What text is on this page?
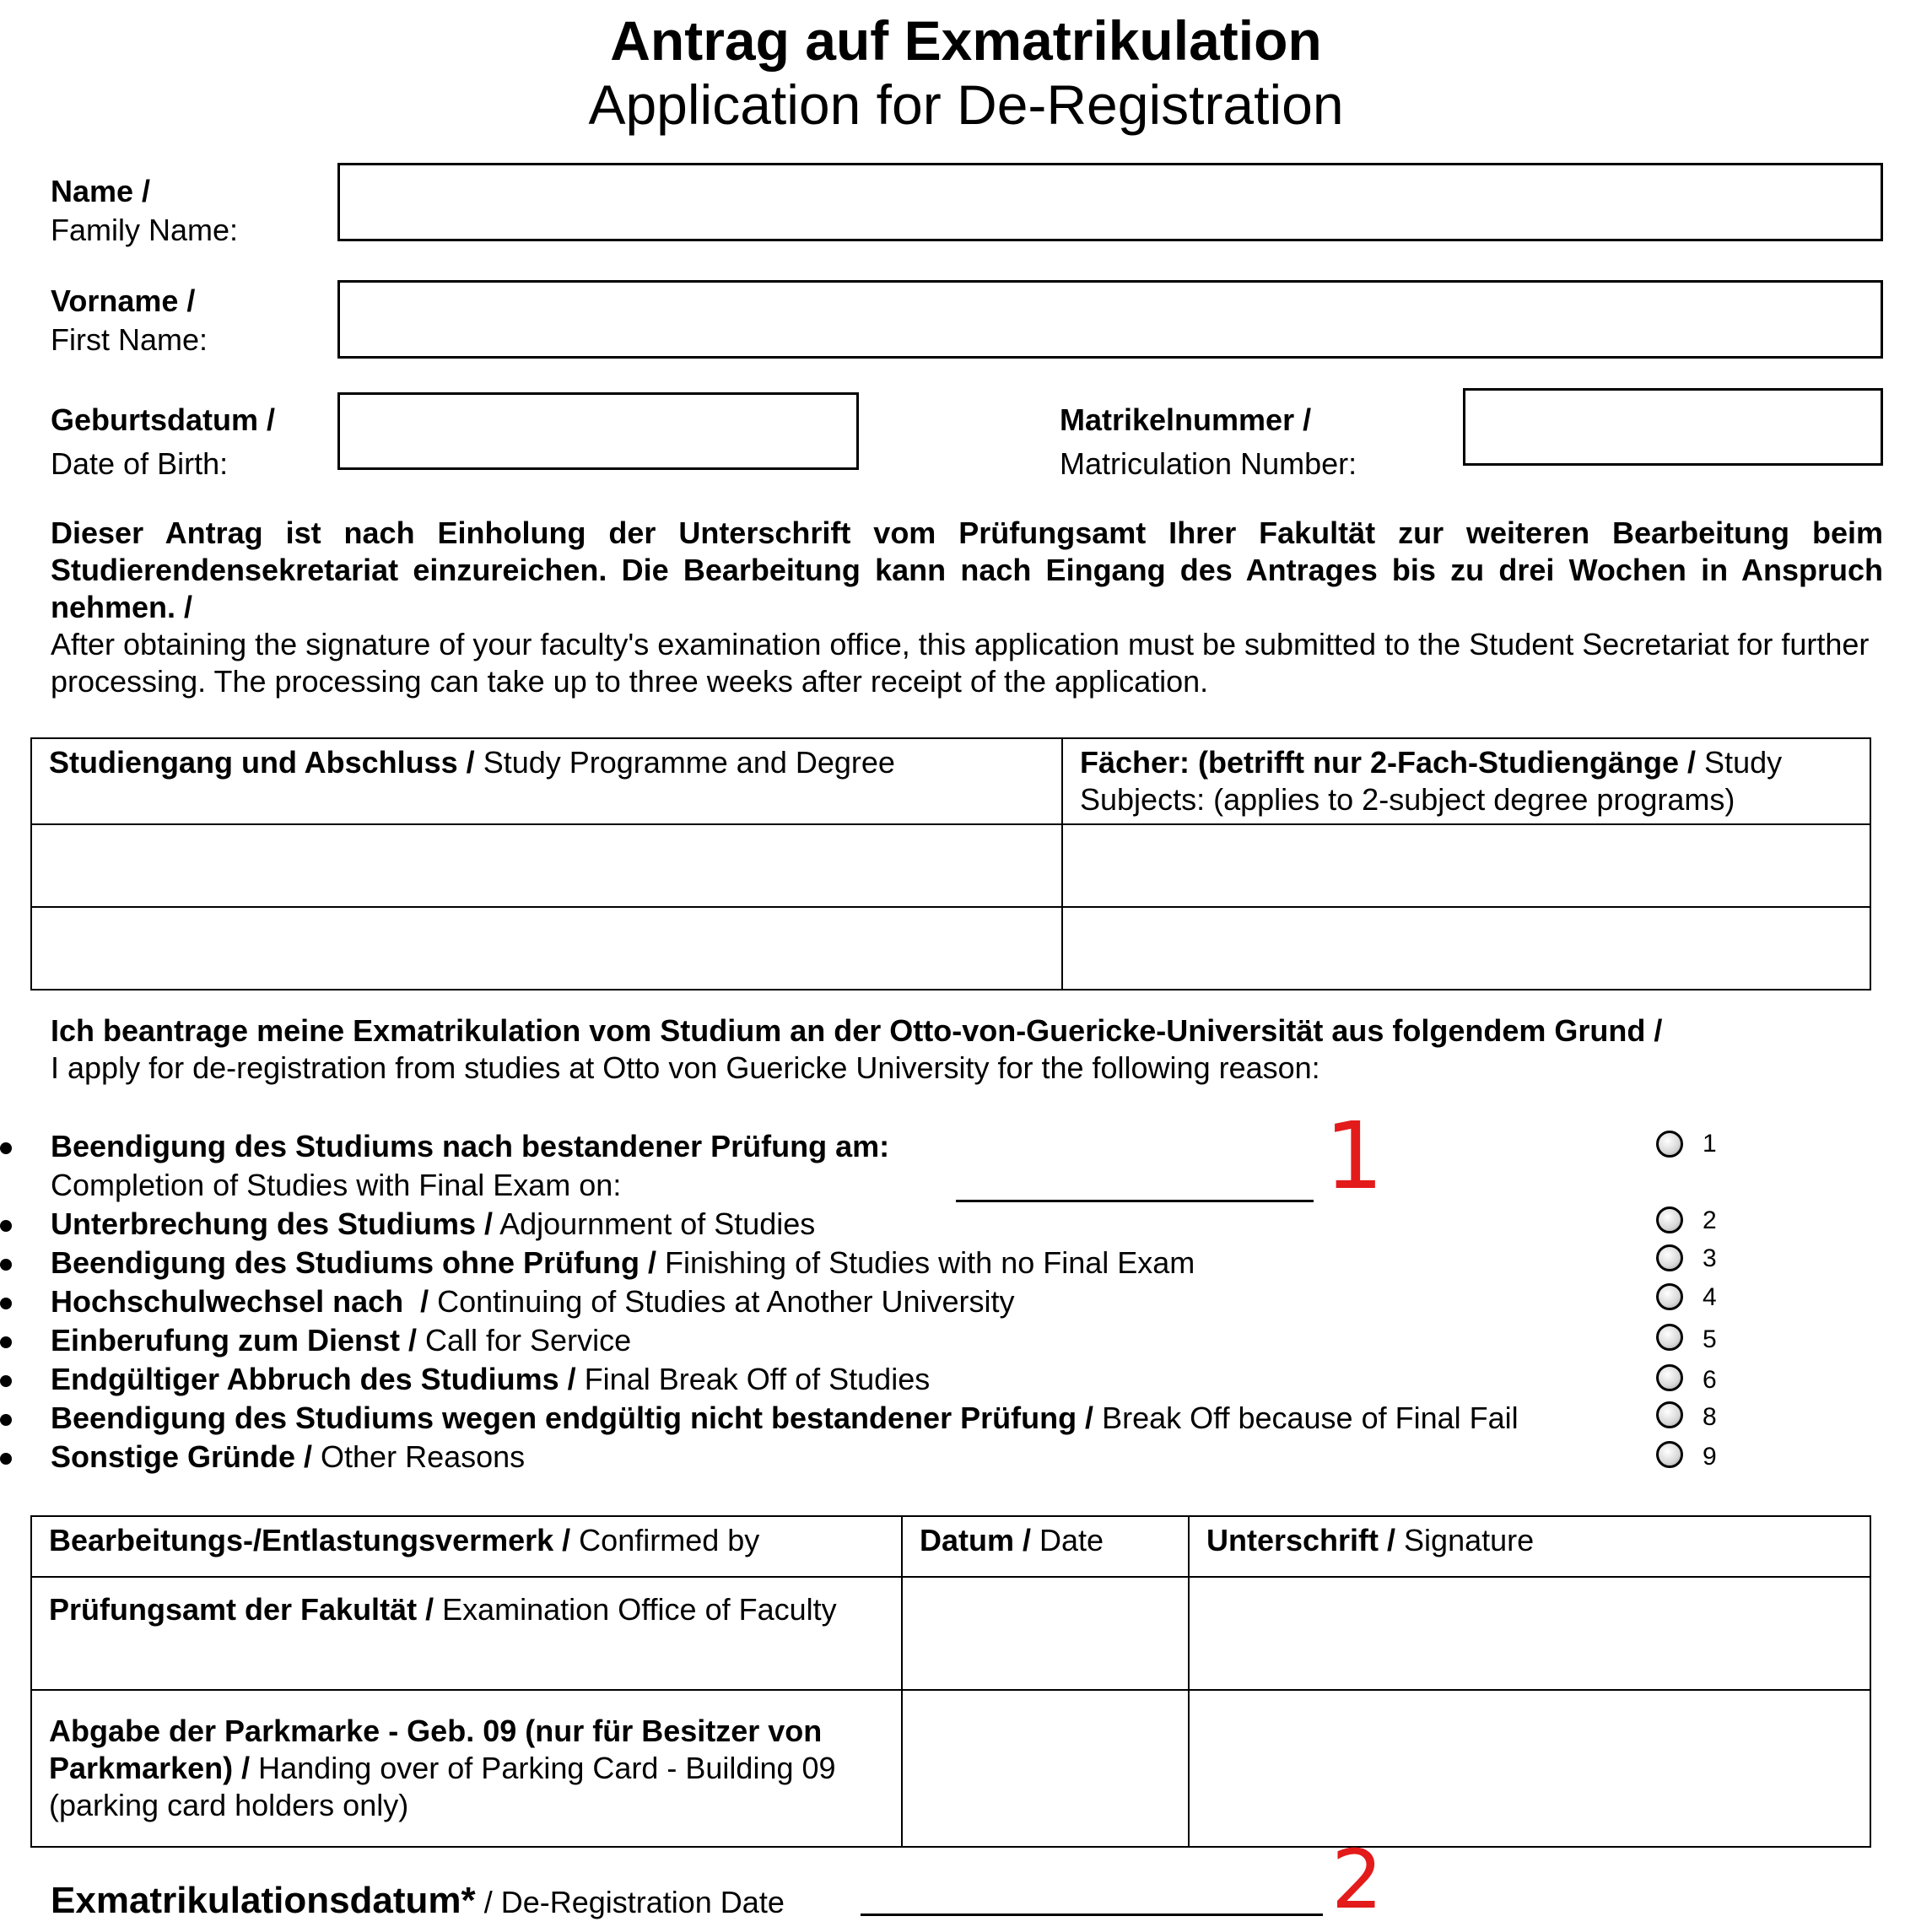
Antrag auf Exmatrikulation
Application for De-Registration
Name /
Family Name:
Vorname /
First Name:
Geburtsdatum /
Date of Birth:
Matrikelnummer /
Matriculation Number:
Dieser Antrag ist nach Einholung der Unterschrift vom Prüfungsamt Ihrer Fakultät zur weiteren Bearbeitung beim Studierendensekretariat einzureichen. Die Bearbeitung kann nach Eingang des Antrages bis zu drei Wochen in Anspruch nehmen. /
After obtaining the signature of your faculty's examination office, this application must be submitted to the Student Secretariat for further processing. The processing can take up to three weeks after receipt of the application.
Studiengang und Abschluss / Study Programme and Degree	Fächer: (betrifft nur 2-Fach-Studiengänge / Study Subjects: (applies to 2-subject degree programs)

Ich beantrage meine Exmatrikulation vom Studium an der Otto-von-Guericke-Universität aus folgendem Grund /
I apply for de-registration from studies at Otto von Guericke University for the following reason:
Beendigung des Studiums nach bestandener Prüfung am:
Completion of Studies with Final Exam on:	1
Unterbrechung des Studiums / Adjournment of Studies
Beendigung des Studiums ohne Prüfung / Finishing of Studies with no Final Exam
Hochschulwechsel nach  / Continuing of Studies at Another University
Einberufung zum Dienst / Call for Service
Endgültiger Abbruch des Studiums / Final Break Off of Studies
Beendigung des Studiums wegen endgültig nicht bestandener Prüfung / Break Off because of Final Fail
Sonstige Gründe / Other Reasons
1
2
3
4
5
6
8
9
Bearbeitungs-/Entlastungsvermerk / Confirmed by	Datum / Date	Unterschrift / Signature
Prüfungsamt der Fakultät / Examination Office of Faculty		
Abgabe der Parkmarke - Geb. 09 (nur für Besitzer von Parkmarken) / Handing over of Parking Card - Building 09 (parking card holders only)		
Exmatrikulationsdatum* / De-Registration Date	2
